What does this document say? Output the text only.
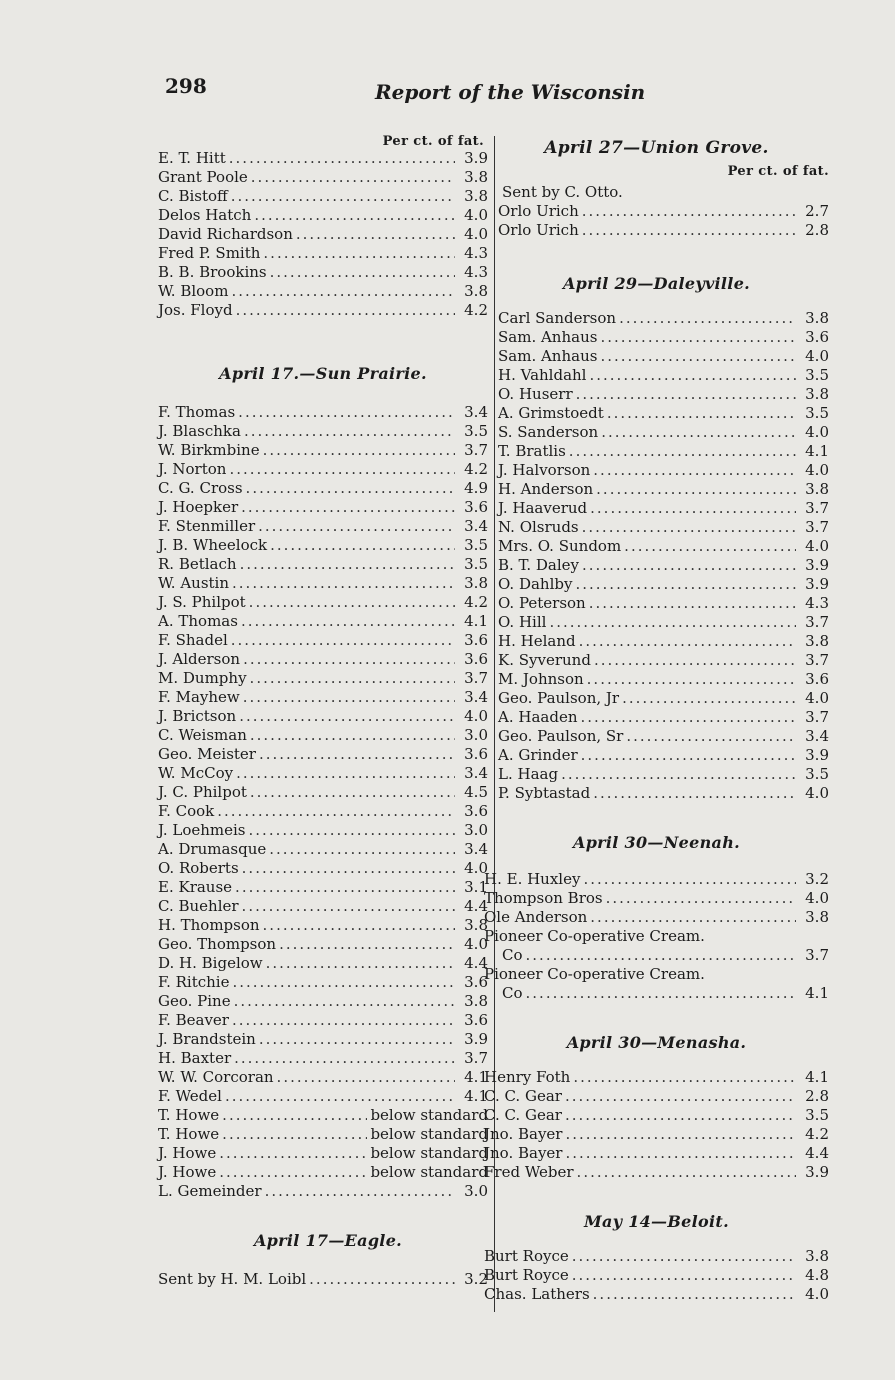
298	Report of the Wisconsin
Per ct. of fat.
E. T. Hitt .....	3.9
Grant Poole .....	3.8
C. Bistoff .....	3.8
Delos Hatch .....	4.0
David Richardson .....	4.0
Fred P. Smith .....	4.3
B. B. Brookins .....	4.3
W. Bloom .....	3.8
Jos. Floyd .....	4.2
April 17.—Sun Prairie.
F. Thomas .....	3.4
J. Blaschka .....	3.5
W. Birkmbine .....	3.7
J. Norton .....	4.2
C. G. Cross .....	4.9
J. Hoepker .....	3.6
F. Stenmiller .....	3.4
J. B. Wheelock .....	3.5
R. Betlach .....	3.5
W. Austin .....	3.8
J. S. Philpot .....	4.2
A. Thomas .....	4.1
F. Shadel .....	3.6
J. Alderson .....	3.6
M. Dumphy .....	3.7
F. Mayhew .....	3.4
J. Brictson .....	4.0
C. Weisman .....	3.0
Geo. Meister .....	3.6
W. McCoy .....	3.4
J. C. Philpot .....	4.5
F. Cook .....	3.6
J. Loehmeis .....	3.0
A. Drumasque .....	3.4
O. Roberts .....	4.0
E. Krause .....	3.1
C. Buehler .....	4.4
H. Thompson .....	3.8
Geo. Thompson .....	4.0
D. H. Bigelow .....	4.4
F. Ritchie .....	3.6
Geo. Pine .....	3.8
F. Beaver .....	3.6
J. Brandstein .....	3.9
H. Baxter .....	3.7
W. W. Corcoran .....	4.1
F. Wedel .....	4.1
T. Howe .....	below standard
T. Howe .....	below standard
J. Howe .....	below standard
J. Howe .....	below standard
L. Gemeinder .....	3.0
April 17—Eagle.
Sent by H. M. Loibl .....	3.2
April 27—Union Grove.
Per ct. of fat.
Sent by C. Otto.
Orlo Urich .....	2.7
Orlo Urich .....	2.8
April 29—Daleyville.
Carl Sanderson .....	3.8
Sam. Anhaus .....	3.6
Sam. Anhaus .....	4.0
H. Vahldahl .....	3.5
O. Huserr .....	3.8
A. Grimstoedt .....	3.5
S. Sanderson .....	4.0
T. Bratlis .....	4.1
J. Halvorson .....	4.0
H. Anderson .....	3.8
J. Haaverud .....	3.7
N. Olsruds .....	3.7
Mrs. O. Sundom .....	4.0
B. T. Daley .....	3.9
O. Dahlby .....	3.9
O. Peterson .....	4.3
O. Hill .....	3.7
H. Heland .....	3.8
K. Syverund .....	3.7
M. Johnson .....	3.6
Geo. Paulson, Jr .....	4.0
A. Haaden .....	3.7
Geo. Paulson, Sr .....	3.4
A. Grinder .....	3.9
L. Haag .....	3.5
P. Sybtastad .....	4.0
April 30—Neenah.
H. E. Huxley .....	3.2
Thompson Bros .....	4.0
Ole Anderson .....	3.8
Pioneer Co-operative Cream.
Co .....	3.7
Pioneer Co-operative Cream.
Co .....	4.1
April 30—Menasha.
Henry Foth .....	4.1
C. C. Gear .....	2.8
C. C. Gear .....	3.5
Jno. Bayer .....	4.2
Jno. Bayer .....	4.4
Fred Weber .....	3.9
May 14—Beloit.
Burt Royce .....	3.8
Burt Royce .....	4.8
Chas. Lathers .....	4.0
